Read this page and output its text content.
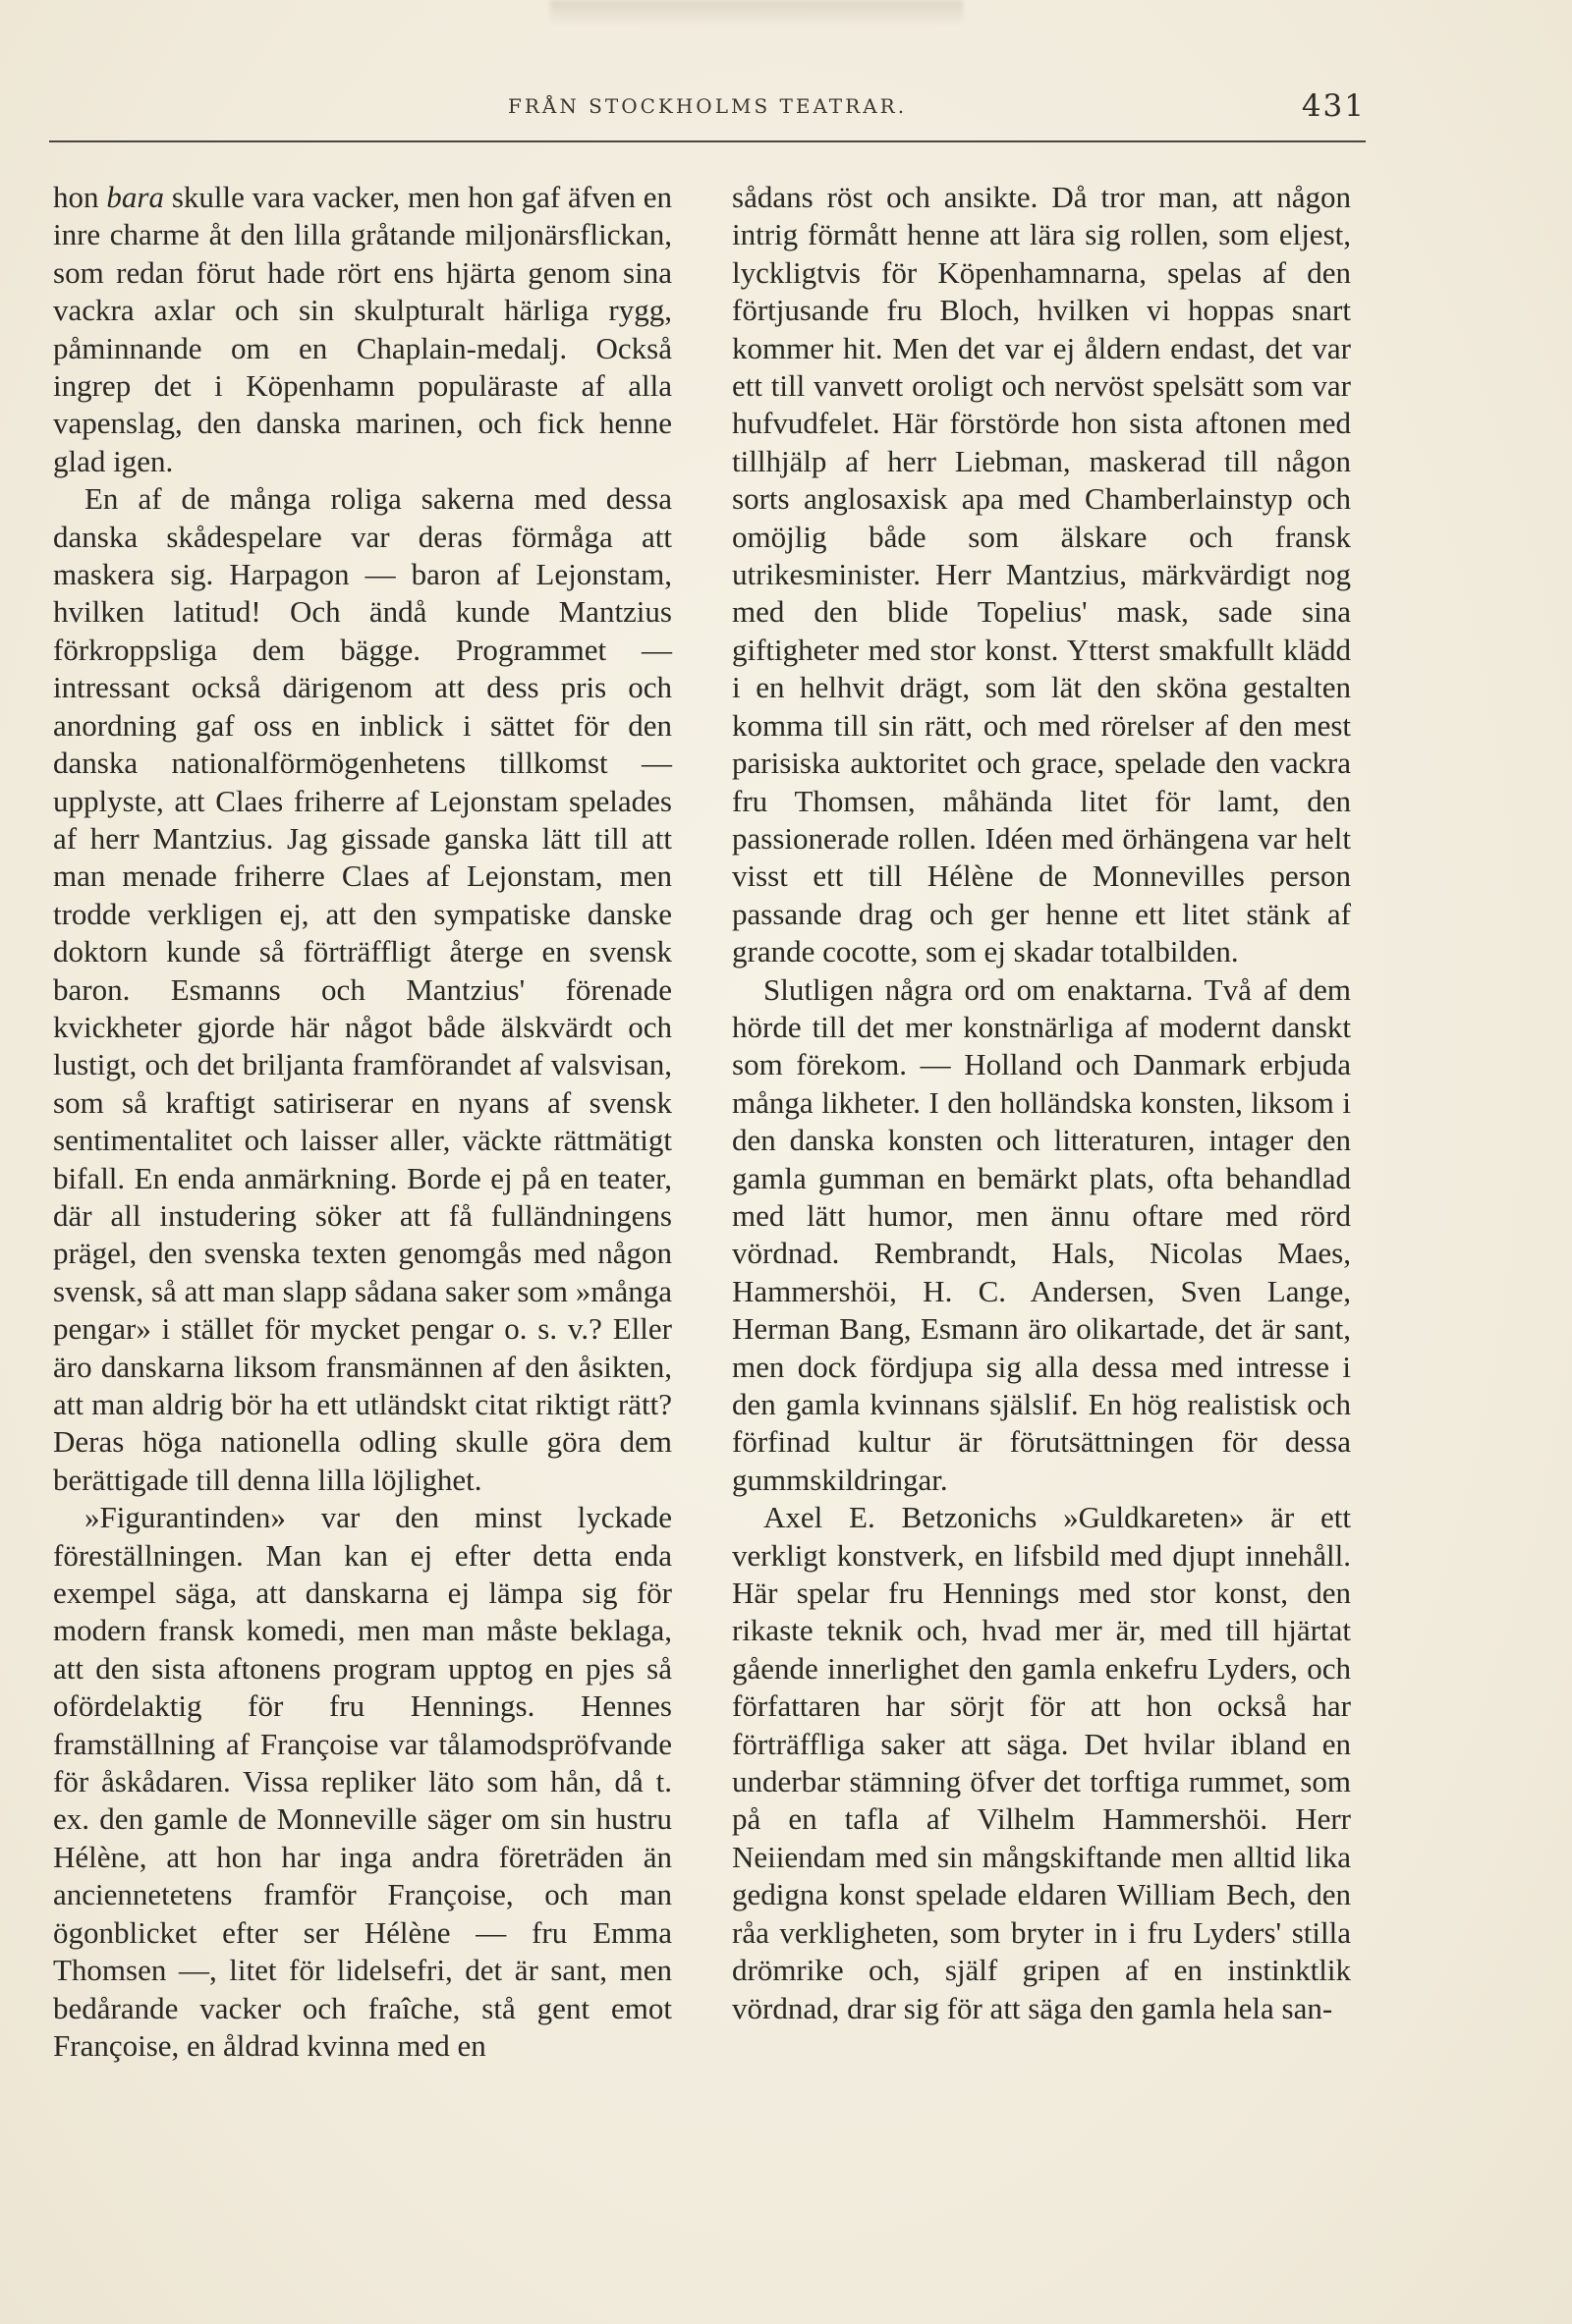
FRÅN STOCKHOLMS TEATRAR.	431

hon bara skulle vara vacker, men hon gaf äfven en inre charme åt den lilla gråtande miljonärsflickan, som redan förut hade rört ens hjärta genom sina vackra axlar och sin skulpturalt härliga rygg, påminnande om en Chaplain-medalj. Också ingrep det i Köpenhamn populäraste af alla vapenslag, den danska marinen, och fick henne glad igen.

En af de många roliga sakerna med dessa danska skådespelare var deras förmåga att maskera sig. Harpagon — baron af Lejonstam, hvilken latitud! Och ändå kunde Mantzius förkroppsliga dem bägge. Programmet — intressant också därigenom att dess pris och anordning gaf oss en inblick i sättet för den danska nationalförmögenhetens tillkomst — upplyste, att Claes friherre af Lejonstam spelades af herr Mantzius. Jag gissade ganska lätt till att man menade friherre Claes af Lejonstam, men trodde verkligen ej, att den sympatiske danske doktorn kunde så förträffligt återge en svensk baron. Esmanns och Mantzius' förenade kvickheter gjorde här något både älskvärdt och lustigt, och det briljanta framförandet af valsvisan, som så kraftigt satiriserar en nyans af svensk sentimentalitet och laisser aller, väckte rättmätigt bifall. En enda anmärkning. Borde ej på en teater, där all instudering söker att få fulländningens prägel, den svenska texten genomgås med någon svensk, så att man slapp sådana saker som »många pengar» i stället för mycket pengar o. s. v.? Eller äro danskarna liksom fransmännen af den åsikten, att man aldrig bör ha ett utländskt citat riktigt rätt? Deras höga nationella odling skulle göra dem berättigade till denna lilla löjlighet.

»Figurantinden» var den minst lyckade föreställningen. Man kan ej efter detta enda exempel säga, att danskarna ej lämpa sig för modern fransk komedi, men man måste beklaga, att den sista aftonens program upptog en pjes så ofördelaktig för fru Hennings. Hennes framställning af Françoise var tålamodspröfvande för åskådaren. Vissa repliker läto som hån, då t. ex. den gamle de Monneville säger om sin hustru Hélène, att hon har inga andra företräden än anciennetetens framför Françoise, och man ögonblicket efter ser Hélène — fru Emma Thomsen —, litet för lidelsefri, det är sant, men bedårande vacker och fraîche, stå gent emot Françoise, en åldrad kvinna med en

sådans röst och ansikte. Då tror man, att någon intrig förmått henne att lära sig rollen, som eljest, lyckligtvis för Köpenhamnarna, spelas af den förtjusande fru Bloch, hvilken vi hoppas snart kommer hit. Men det var ej åldern endast, det var ett till vanvett oroligt och nervöst spelsätt som var hufvudfelet. Här förstörde hon sista aftonen med tillhjälp af herr Liebman, maskerad till någon sorts anglosaxisk apa med Chamberlainstyp och omöjlig både som älskare och fransk utrikesminister. Herr Mantzius, märkvärdigt nog med den blide Topelius' mask, sade sina giftigheter med stor konst. Ytterst smakfullt klädd i en helhvit drägt, som lät den sköna gestalten komma till sin rätt, och med rörelser af den mest parisiska auktoritet och grace, spelade den vackra fru Thomsen, måhända litet för lamt, den passionerade rollen. Idéen med örhängena var helt visst ett till Hélène de Monnevilles person passande drag och ger henne ett litet stänk af grande cocotte, som ej skadar totalbilden.

Slutligen några ord om enaktarna. Två af dem hörde till det mer konstnärliga af modernt danskt som förekom. — Holland och Danmark erbjuda många likheter. I den holländska konsten, liksom i den danska konsten och litteraturen, intager den gamla gumman en bemärkt plats, ofta behandlad med lätt humor, men ännu oftare med rörd vördnad. Rembrandt, Hals, Nicolas Maes, Hammershöi, H. C. Andersen, Sven Lange, Herman Bang, Esmann äro olikartade, det är sant, men dock fördjupa sig alla dessa med intresse i den gamla kvinnans själslif. En hög realistisk och förfinad kultur är förutsättningen för dessa gummskildringar.

Axel E. Betzonichs »Guldkareten» är ett verkligt konstverk, en lifsbild med djupt innehåll. Här spelar fru Hennings med stor konst, den rikaste teknik och, hvad mer är, med till hjärtat gående innerlighet den gamla enkefru Lyders, och författaren har sörjt för att hon också har förträffliga saker att säga. Det hvilar ibland en underbar stämning öfver det torftiga rummet, som på en tafla af Vilhelm Hammershöi. Herr Neiiendam med sin mångskiftande men alltid lika gedigna konst spelade eldaren William Bech, den råa verkligheten, som bryter in i fru Lyders' stilla drömrike och, själf gripen af en instinktlik vördnad, drar sig för att säga den gamla hela san-
